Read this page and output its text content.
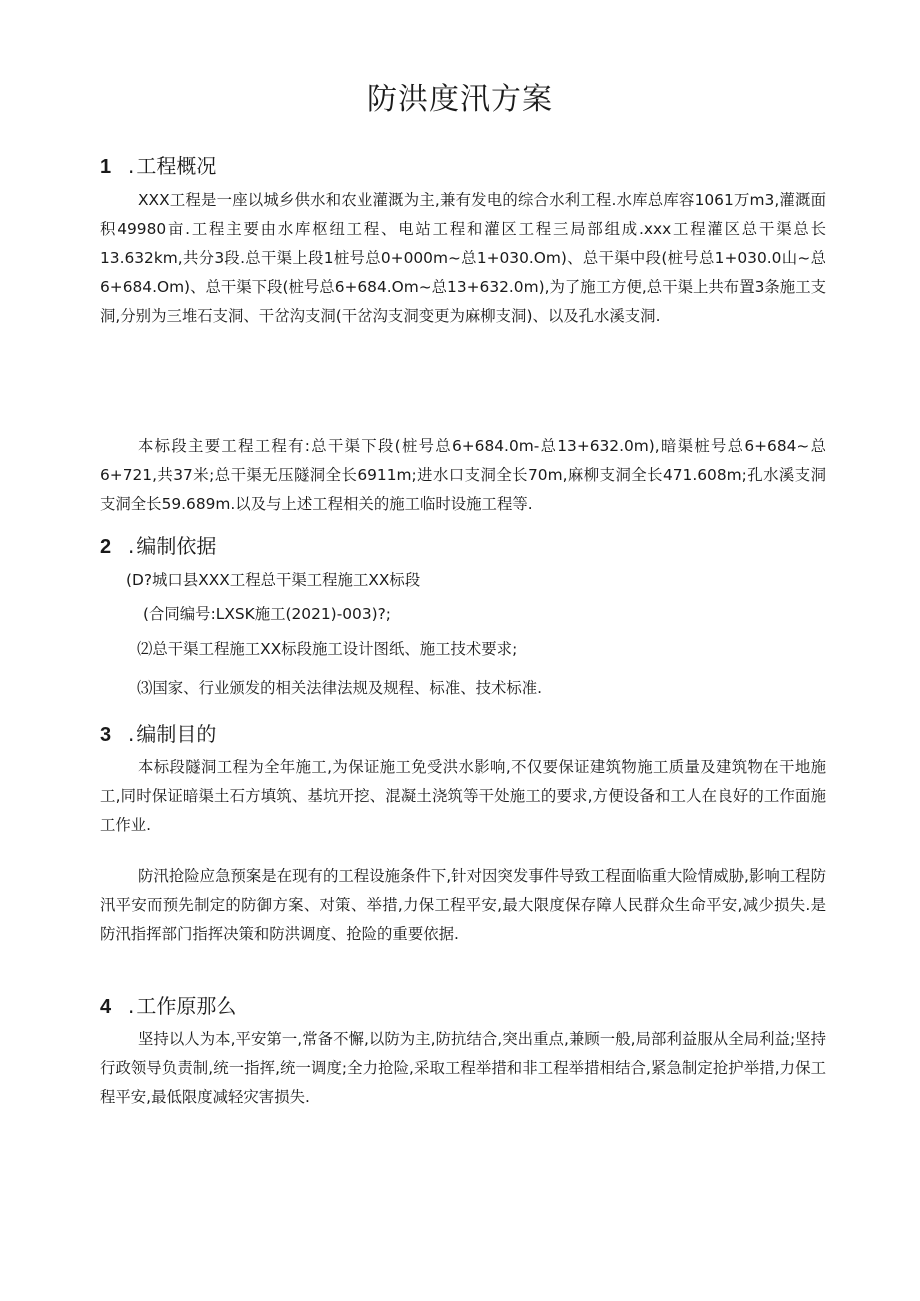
防洪度汛方案
1 . 工程概况

XXX工程是一座以城乡供水和农业灌溉为主,兼有发电的综合水利工程.水库总库容1061万m3,灌溉面积49980亩.工程主要由水库枢纽工程、电站工程和灌区工程三局部组成.xxx工程灌区总干渠总长13.632km,共分3段.总干渠上段1桩号总0+000m~总1+030.Om)、总干渠中段(桩号总1+030.0山~总6+684.Om)、总干渠下段(桩号总6+684.Om~总13+632.0m),为了施工方便,总干渠上共布置3条施工支洞,分别为三堆石支洞、干岔沟支洞(干岔沟支洞变更为麻柳支洞)、以及孔水溪支洞.

本标段主要工程工程有:总干渠下段(桩号总6+684.0m-总13+632.0m),暗渠桩号总6+684~总6+721,共37米;总干渠无压隧洞全长6911m;进水口支洞全长70m,麻柳支洞全长471.608m;孔水溪支洞支洞全长59.689m.以及与上述工程相关的施工临时设施工程等.

2 . 编制依据

(D?城口县XXX工程总干渠工程施工XX标段

(合同编号:LXSK施工(2021)-003)?;

⑵总干渠工程施工XX标段施工设计图纸、施工技术要求;

⑶国家、行业颁发的相关法律法规及规程、标准、技术标准.

3 . 编制目的

本标段隧洞工程为全年施工,为保证施工免受洪水影响,不仅要保证建筑物施工质量及建筑物在干地施工,同时保证暗渠土石方填筑、基坑开挖、混凝土浇筑等干处施工的要求,方便设备和工人在良好的工作面施工作业.

防汛抢险应急预案是在现有的工程设施条件下,针对因突发事件导致工程面临重大险情威胁,影响工程防汛平安而预先制定的防御方案、对策、举措,力保工程平安,最大限度保存障人民群众生命平安,减少损失.是防汛指挥部门指挥决策和防洪调度、抢险的重要依据.

4 . 工作原那么

坚持以人为本,平安第一,常备不懈,以防为主,防抗结合,突出重点,兼顾一般,局部利益服从全局利益;坚持行政领导负责制,统一指挥,统一调度;全力抢险,采取工程举措和非工程举措相结合,紧急制定抢护举措,力保工程平安,最低限度减轻灾害损失.
